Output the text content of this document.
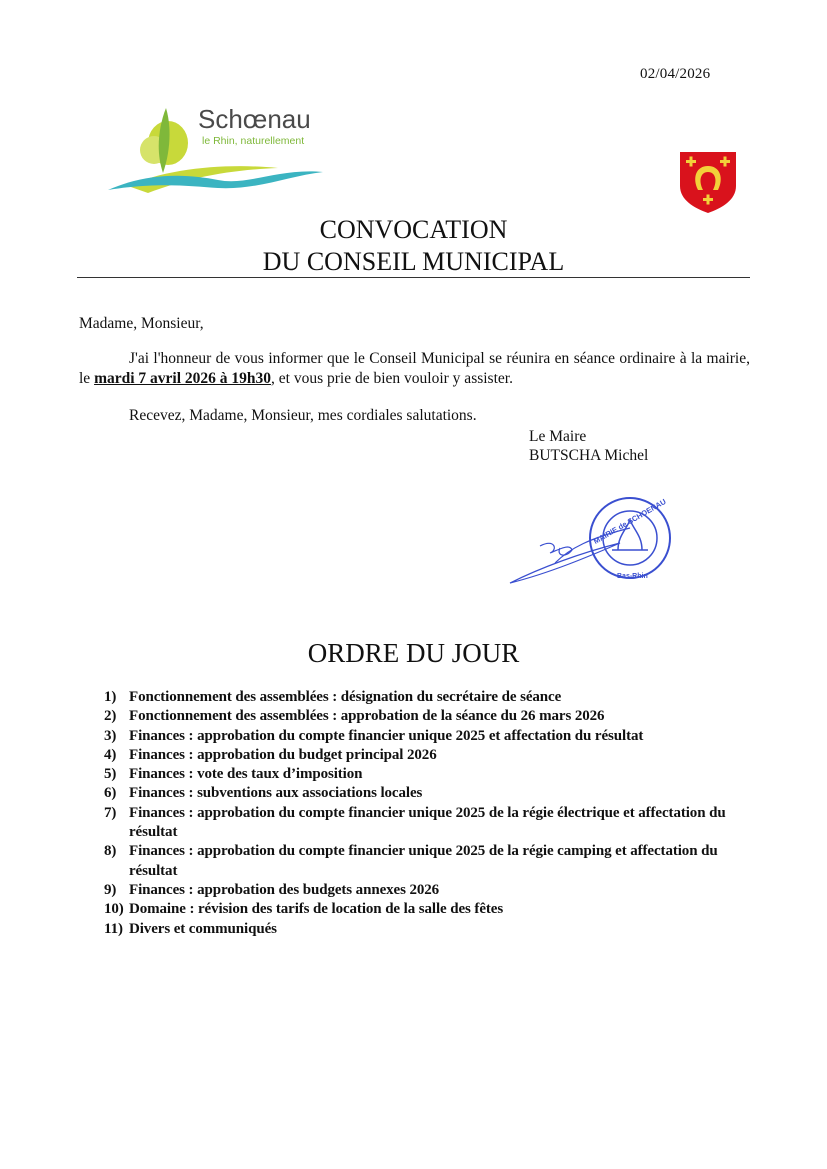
02/04/2026
Schœnau
le Rhin, naturellement
CONVOCATION
DU CONSEIL MUNICIPAL
Madame, Monsieur,
J'ai l'honneur de vous informer que le Conseil Municipal se réunira en séance ordinaire à la mairie, le mardi 7 avril 2026 à 19h30, et vous prie de bien vouloir y assister.
Recevez, Madame, Monsieur, mes cordiales salutations.
Le Maire
BUTSCHA Michel
MAIRIE de SCHOENAU
Bas-Rhin
ORDRE DU JOUR
1) Fonctionnement des assemblées : désignation du secrétaire de séance
2) Fonctionnement des assemblées : approbation de la séance du 26 mars 2026
3) Finances : approbation du compte financier unique 2025 et affectation du résultat
4) Finances : approbation du budget principal 2026
5) Finances : vote des taux d’imposition
6) Finances : subventions aux associations locales
7) Finances : approbation du compte financier unique 2025 de la régie électrique et affectation du résultat
8) Finances : approbation du compte financier unique 2025 de la régie camping et affectation du résultat
9) Finances : approbation des budgets annexes 2026
10) Domaine : révision des tarifs de location de la salle des fêtes
11) Divers et communiqués
